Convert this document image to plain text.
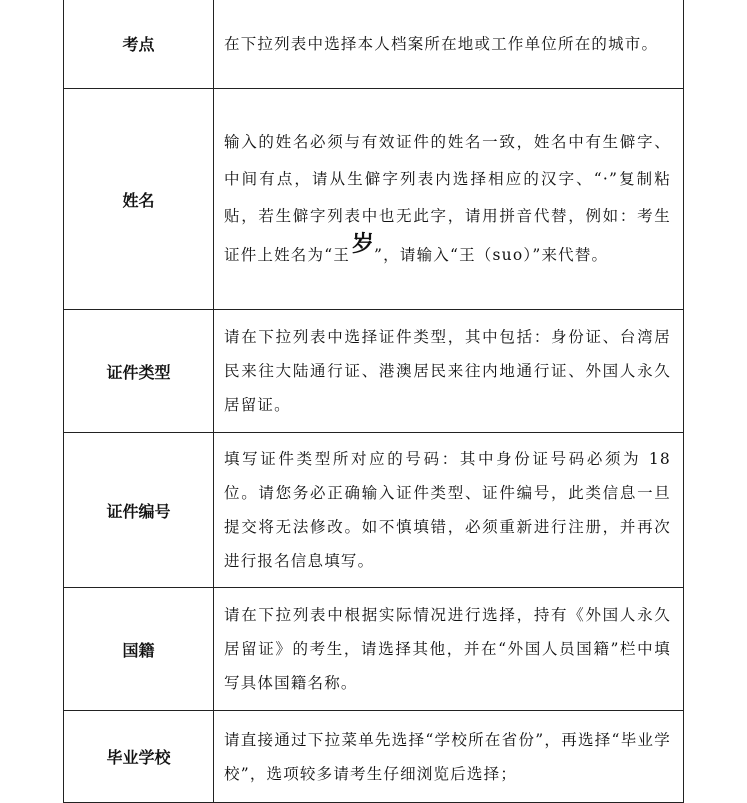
考点	在下拉列表中选择本人档案所在地或工作单位所在的城市。
姓名	输入的姓名必须与有效证件的姓名一致，姓名中有生僻字、中间有点，请从生僻字列表内选择相应的汉字、“·”复制粘贴，若生僻字列表中也无此字，请用拼音代替，例如：考生证件上姓名为“王岁”，请输入“王（suo）”来代替。
证件类型	请在下拉列表中选择证件类型，其中包括：身份证、台湾居民来往大陆通行证、港澳居民来往内地通行证、外国人永久居留证。
证件编号	填写证件类型所对应的号码：其中身份证号码必须为 18 位。请您务必正确输入证件类型、证件编号，此类信息一旦提交将无法修改。如不慎填错，必须重新进行注册，并再次进行报名信息填写。
国籍	请在下拉列表中根据实际情况进行选择，持有《外国人永久居留证》的考生，请选择其他，并在“外国人员国籍”栏中填写具体国籍名称。
毕业学校	请直接通过下拉菜单先选择“学校所在省份”，再选择“毕业学校”，选项较多请考生仔细浏览后选择；
